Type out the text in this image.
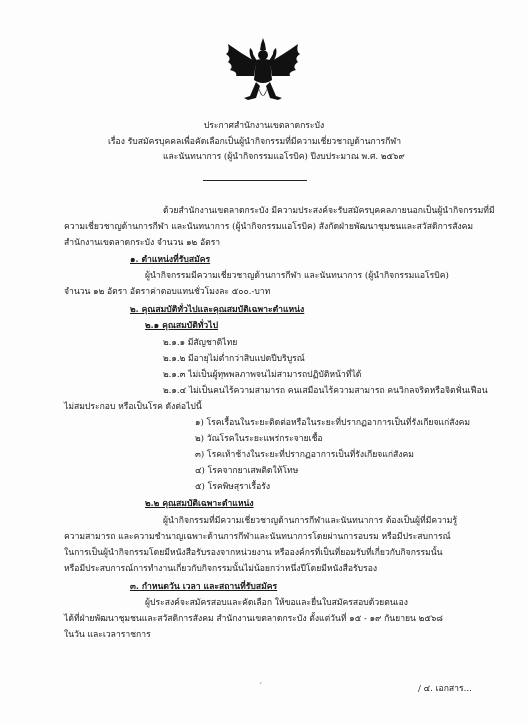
ประกาศสำนักงานเขตลาดกระบัง
เรื่อง รับสมัครบุคคลเพื่อคัดเลือกเป็นผู้นำกิจกรรมที่มีความเชี่ยวชาญด้านการกีฬา
และนันทนาการ (ผู้นำกิจกรรมแอโรบิค) ปีงบประมาณ พ.ศ. ๒๕๖๙
ด้วยสำนักงานเขตลาดกระบัง มีความประสงค์จะรับสมัครบุคคลภายนอกเป็นผู้นำกิจกรรมที่มี
ความเชี่ยวชาญด้านการกีฬา และนันทนาการ (ผู้นำกิจกรรมแอโรบิค) สังกัดฝ่ายพัฒนาชุมชนและสวัสดิการสังคม
สำนักงานเขตลาดกระบัง จำนวน ๑๒ อัตรา
๑. ตำแหน่งที่รับสมัคร
ผู้นำกิจกรรมมีความเชี่ยวชาญด้านการกีฬา และนันทนาการ (ผู้นำกิจกรรมแอโรบิค)
จำนวน ๑๒ อัตรา อัตราค่าตอบแทนชั่วโมงละ ๕๐๐.-บาท
๒. คุณสมบัติทั่วไปและคุณสมบัติเฉพาะตำแหน่ง
๒.๑ คุณสมบัติทั่วไป
๒.๑.๑ มีสัญชาติไทย
๒.๑.๒ มีอายุไม่ต่ำกว่าสิบแปดปีบริบูรณ์
๒.๑.๓ ไม่เป็นผู้ทุพพลภาพจนไม่สามารถปฏิบัติหน้าที่ได้
๒.๑.๔ ไม่เป็นคนไร้ความสามารถ คนเสมือนไร้ความสามารถ คนวิกลจริตหรือจิตฟั่นเฟือน
ไม่สมประกอบ หรือเป็นโรค ดังต่อไปนี้
๑) โรคเรื้อนในระยะติดต่อหรือในระยะที่ปรากฏอาการเป็นที่รังเกียจแก่สังคม
๒) วัณโรคในระยะแพร่กระจายเชื้อ
๓) โรคเท้าช้างในระยะที่ปรากฏอาการเป็นที่รังเกียจแก่สังคม
๔) โรคจากยาเสพติดให้โทษ
๕) โรคพิษสุราเรื้อรัง
๒.๒ คุณสมบัติเฉพาะตำแหน่ง
ผู้นำกิจกรรมที่มีความเชี่ยวชาญด้านการกีฬาและนันทนาการ ต้องเป็นผู้ที่มีความรู้
ความสามารถ และความชำนาญเฉพาะด้านการกีฬาและนันทนาการโดยผ่านการอบรม หรือมีประสบการณ์
ในการเป็นผู้นำกิจกรรมโดยมีหนังสือรับรองจากหน่วยงาน หรือองค์กรที่เป็นที่ยอมรับที่เกี่ยวกับกิจกรรมนั้น
หรือมีประสบการณ์การทำงานเกี่ยวกับกิจกรรมนั้นไม่น้อยกว่าหนึ่งปีโดยมีหนังสือรับรอง
๓. กำหนดวัน เวลา และสถานที่รับสมัคร
ผู้ประสงค์จะสมัครสอบและคัดเลือก ให้ขอและยื่นใบสมัครสอบด้วยตนเอง
ได้ที่ฝ่ายพัฒนาชุมชนและสวัสดิการสังคม สำนักงานเขตลาดกระบัง ตั้งแต่วันที่ ๑๕ - ๑๙ กันยายน ๒๕๖๘
ในวัน และเวลาราชการ
ˊ	/ ๔. เอกสาร...
